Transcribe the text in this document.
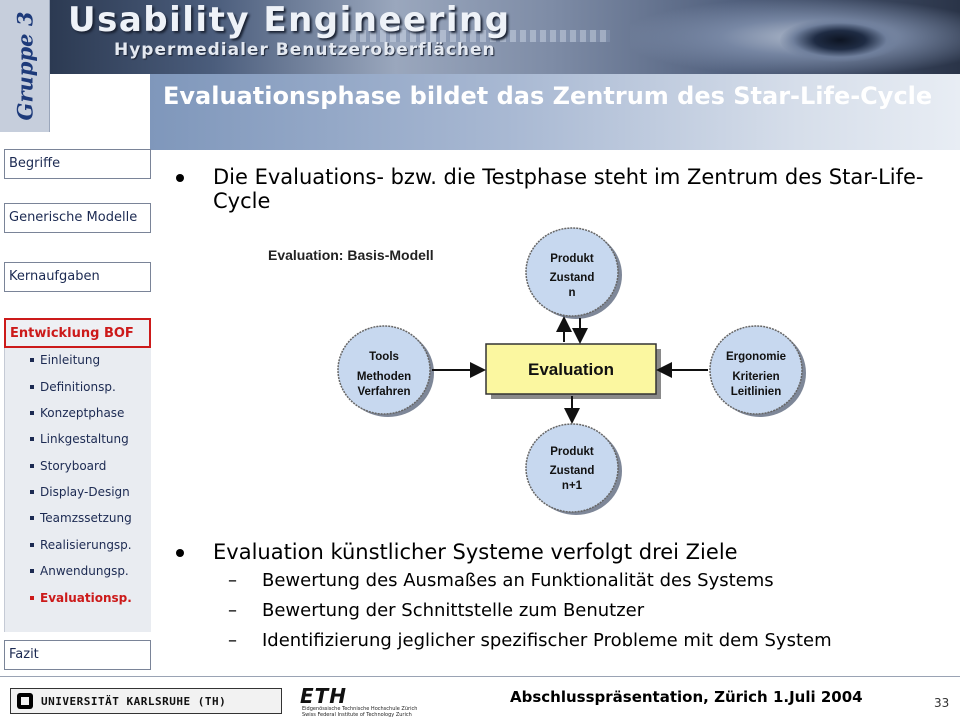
Usability Engineering
Hypermedialer Benutzeroberflächen
Gruppe 3	Evaluationsphase bildet das Zentrum des Star-Life-Cycle
Begriffe
Generische Modelle
Kernaufgaben
Entwicklung BOF
Einleitung
Definitionsp.
Konzeptphase
Linkgestaltung
Storyboard
Display-Design
Teamzssetzung
Realisierungsp.
Anwendungsp.
Evaluationsp.
Fazit
Die Evaluations- bzw. die Testphase steht im Zentrum des Star-Life-Cycle
Evaluation: Basis-Modell	Produkt
Zustand
n
Tools
Methoden
Verfahren
Ergonomie
Kriterien
Leitlinien
Produkt
Zustand
n+1
Evaluation
Evaluation künstlicher Systeme verfolgt drei Ziele
– Bewertung des Ausmaßes an Funktionalität des Systems
– Bewertung der Schnittstelle zum Benutzer
– Identifizierung jeglicher spezifischer Probleme mit dem System
UNIVERSITÄT KARLSRUHE (TH)	ETH
Eidgenössische Technische Hochschule Zürich
Swiss Federal Institute of Technology Zurich
Abschlusspräsentation, Zürich 1.Juli 2004	33
